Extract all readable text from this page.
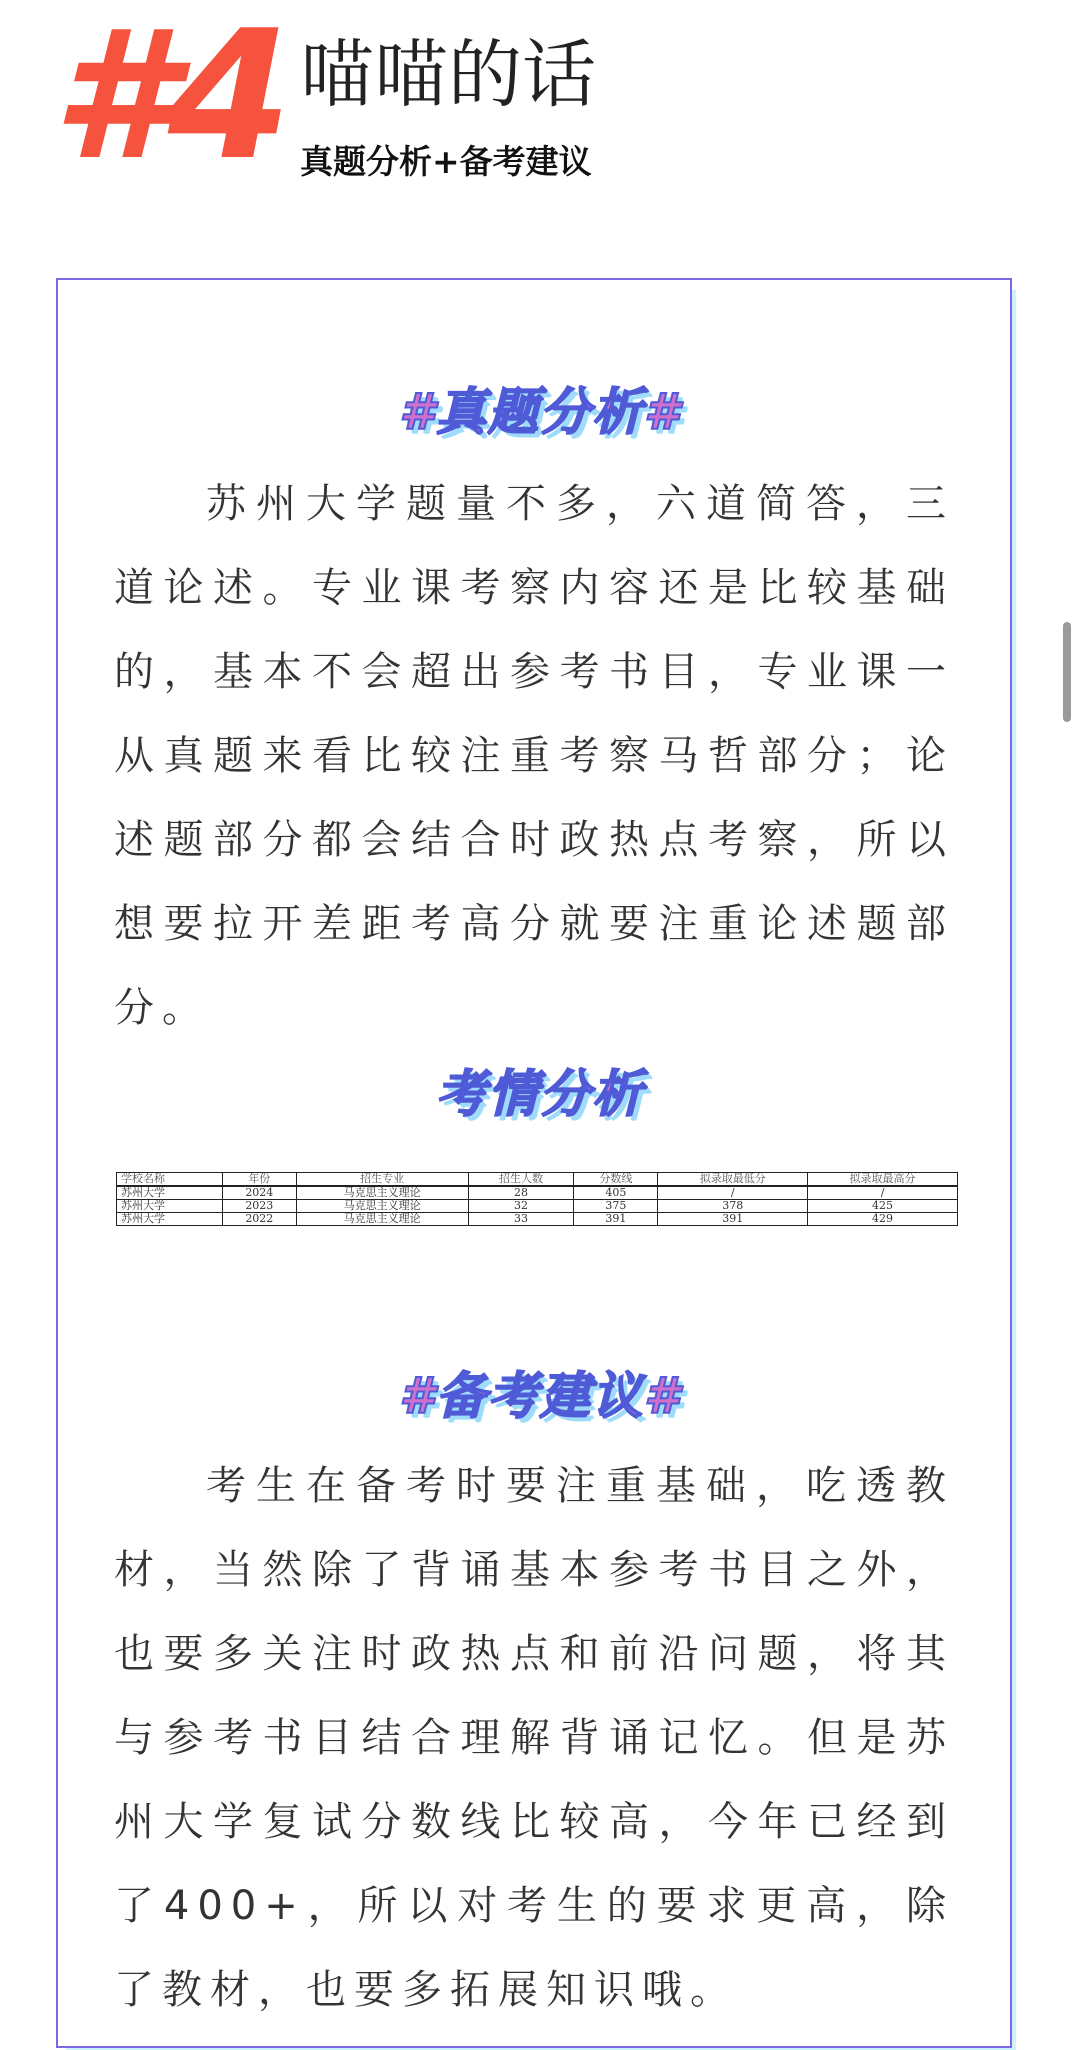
#4 喵喵的话
真题分析+备考建议
#真题分析#

苏州大学题量不多，六道简答，三道论述。专业课考察内容还是比较基础的，基本不会超出参考书目，专业课一从真题来看比较注重考察马哲部分；论述题部分都会结合时政热点考察，所以想要拉开差距考高分就要注重论述题部分。

考情分析
学校名称	年份	招生专业	招生人数	分数线	拟录取最低分	拟录取最高分
苏州大学	2024	马克思主义理论	28	405	/	/
苏州大学	2023	马克思主义理论	32	375	378	425
苏州大学	2022	马克思主义理论	33	391	391	429
#备考建议#

考生在备考时要注重基础，吃透教材，当然除了背诵基本参考书目之外，也要多关注时政热点和前沿问题，将其与参考书目结合理解背诵记忆。但是苏州大学复试分数线比较高，今年已经到了400+，所以对考生的要求更高，除了教材，也要多拓展知识哦。
